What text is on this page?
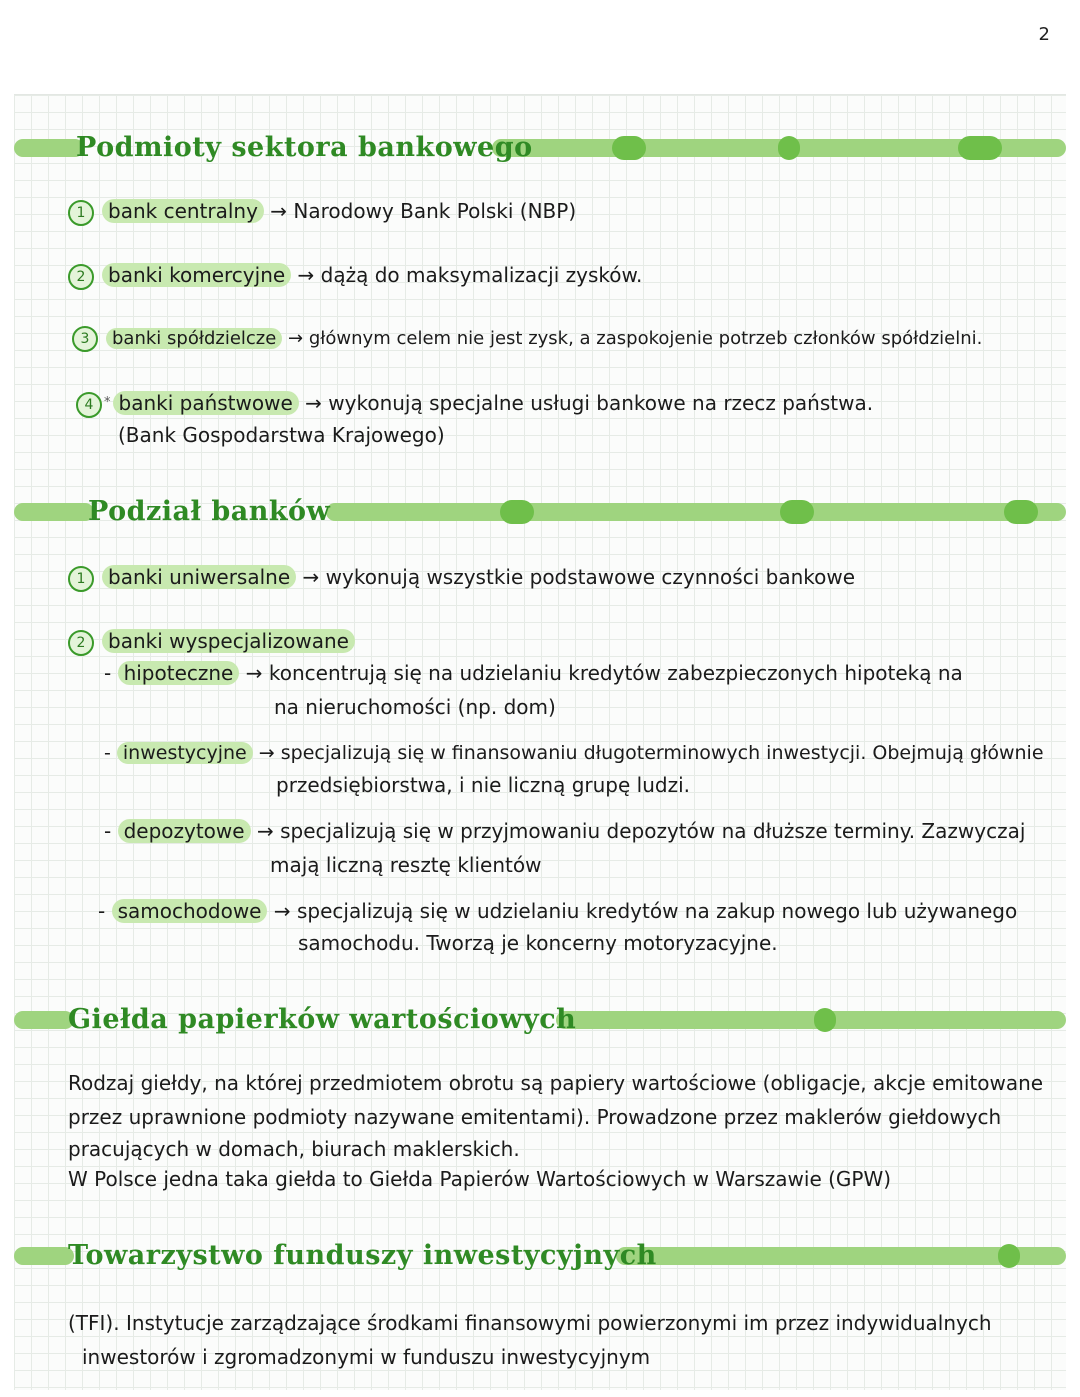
2
Podmioty sektora bankowego
1 bank centralny → Narodowy Bank Polski (NBP)
2 banki komercyjne → dążą do maksymalizacji zysków.
3 banki spółdzielcze → głównym celem nie jest zysk, a zaspokojenie potrzeb członków spółdzielni.
4 * banki państwowe → wykonują specjalne usługi bankowe na rzecz państwa.
(Bank Gospodarstwa Krajowego)
Podział banków
1 banki uniwersalne → wykonują wszystkie podstawowe czynności bankowe
2 banki wyspecjalizowane
- hipoteczne → koncentrują się na udzielaniu kredytów zabezpieczonych hipoteką na
na nieruchomości (np. dom)
- inwestycyjne → specjalizują się w finansowaniu długoterminowych inwestycji. Obejmują głównie
przedsiębiorstwa, i nie liczną grupę ludzi.
- depozytowe → specjalizują się w przyjmowaniu depozytów na dłuższe terminy. Zazwyczaj
mają liczną resztę klientów
- samochodowe → specjalizują się w udzielaniu kredytów na zakup nowego lub używanego
samochodu. Tworzą je koncerny motoryzacyjne.
Giełda papierków wartościowych
Rodzaj giełdy, na której przedmiotem obrotu są papiery wartościowe (obligacje, akcje emitowane
przez uprawnione podmioty nazywane emitentami). Prowadzone przez maklerów giełdowych
pracujących w domach, biurach maklerskich.
W Polsce jedna taka giełda to Giełda Papierów Wartościowych w Warszawie (GPW)
Towarzystwo funduszy inwestycyjnych
(TFI). Instytucje zarządzające środkami finansowymi powierzonymi im przez indywidualnych
inwestorów i zgromadzonymi w funduszu inwestycyjnym
